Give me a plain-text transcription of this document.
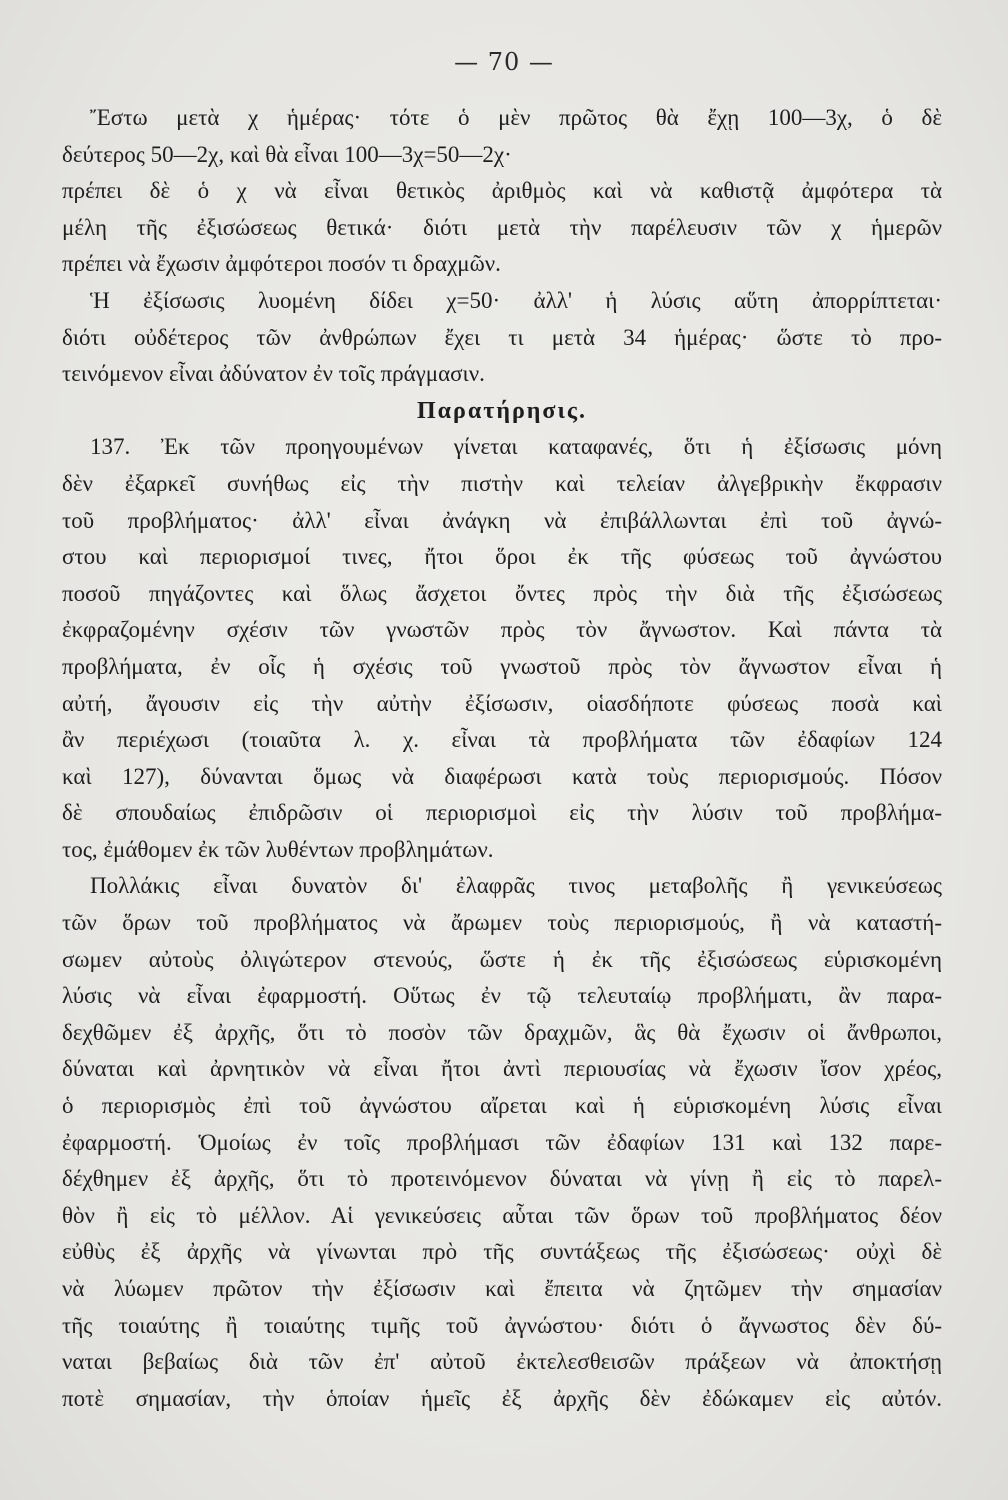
— 70 —
Ἔστω μετὰ χ ἡμέρας· τότε ὁ μὲν πρῶτος θὰ ἔχῃ 100—3χ, ὁ δὲ
δεύτερος 50—2χ, καὶ θὰ εἶναι 100—3χ=50—2χ·
πρέπει δὲ ὁ χ νὰ εἶναι θετικὸς ἀριθμὸς καὶ νὰ καθιστᾷ ἀμφότερα τὰ
μέλη τῆς ἐξισώσεως θετικά· διότι μετὰ τὴν παρέλευσιν τῶν χ ἡμερῶν
πρέπει νὰ ἔχωσιν ἀμφότεροι ποσόν τι δραχμῶν.
Ἡ ἐξίσωσις λυομένη δίδει χ=50· ἀλλ' ἡ λύσις αὕτη ἀπορρίπτεται·
διότι οὐδέτερος τῶν ἀνθρώπων ἔχει τι μετὰ 34 ἡμέρας· ὥστε τὸ προ-
τεινόμενον εἶναι ἀδύνατον ἐν τοῖς πράγμασιν.
Παρατήρησις.
137. Ἐκ τῶν προηγουμένων γίνεται καταφανές, ὅτι ἡ ἐξίσωσις μόνη
δὲν ἐξαρκεῖ συνήθως εἰς τὴν πιστὴν καὶ τελείαν ἀλγεβρικὴν ἔκφρασιν
τοῦ προβλήματος· ἀλλ' εἶναι ἀνάγκη νὰ ἐπιβάλλωνται ἐπὶ τοῦ ἀγνώ-
στου καὶ περιορισμοί τινες, ἤτοι ὅροι ἐκ τῆς φύσεως τοῦ ἀγνώστου
ποσοῦ πηγάζοντες καὶ ὅλως ἄσχετοι ὄντες πρὸς τὴν διὰ τῆς ἐξισώσεως
ἐκφραζομένην σχέσιν τῶν γνωστῶν πρὸς τὸν ἄγνωστον. Καὶ πάντα τὰ
προβλήματα, ἐν οἷς ἡ σχέσις τοῦ γνωστοῦ πρὸς τὸν ἄγνωστον εἶναι ἡ
αὐτή, ἄγουσιν εἰς τὴν αὐτὴν ἐξίσωσιν, οἱασδήποτε φύσεως ποσὰ καὶ
ἂν περιέχωσι (τοιαῦτα λ. χ. εἶναι τὰ προβλήματα τῶν ἐδαφίων 124
καὶ 127), δύνανται ὅμως νὰ διαφέρωσι κατὰ τοὺς περιορισμούς. Πόσον
δὲ σπουδαίως ἐπιδρῶσιν οἱ περιορισμοὶ εἰς τὴν λύσιν τοῦ προβλήμα-
τος, ἐμάθομεν ἐκ τῶν λυθέντων προβλημάτων.
Πολλάκις εἶναι δυνατὸν δι' ἐλαφρᾶς τινος μεταβολῆς ἢ γενικεύσεως
τῶν ὅρων τοῦ προβλήματος νὰ ἄρωμεν τοὺς περιορισμούς, ἢ νὰ καταστή-
σωμεν αὐτοὺς ὀλιγώτερον στενούς, ὥστε ἡ ἐκ τῆς ἐξισώσεως εὑρισκομένη
λύσις νὰ εἶναι ἐφαρμοστή. Οὕτως ἐν τῷ τελευταίῳ προβλήματι, ἂν παρα-
δεχθῶμεν ἐξ ἀρχῆς, ὅτι τὸ ποσὸν τῶν δραχμῶν, ἃς θὰ ἔχωσιν οἱ ἄνθρωποι,
δύναται καὶ ἀρνητικὸν νὰ εἶναι ἤτοι ἀντὶ περιουσίας νὰ ἔχωσιν ἴσον χρέος,
ὁ περιορισμὸς ἐπὶ τοῦ ἀγνώστου αἴρεται καὶ ἡ εὑρισκομένη λύσις εἶναι
ἐφαρμοστή. Ὁμοίως ἐν τοῖς προβλήμασι τῶν ἐδαφίων 131 καὶ 132 παρε-
δέχθημεν ἐξ ἀρχῆς, ὅτι τὸ προτεινόμενον δύναται νὰ γίνῃ ἢ εἰς τὸ παρελ-
θὸν ἢ εἰς τὸ μέλλον. Αἱ γενικεύσεις αὗται τῶν ὅρων τοῦ προβλήματος δέον
εὐθὺς ἐξ ἀρχῆς νὰ γίνωνται πρὸ τῆς συντάξεως τῆς ἐξισώσεως· οὐχὶ δὲ
νὰ λύωμεν πρῶτον τὴν ἐξίσωσιν καὶ ἔπειτα νὰ ζητῶμεν τὴν σημασίαν
τῆς τοιαύτης ἢ τοιαύτης τιμῆς τοῦ ἀγνώστου· διότι ὁ ἄγνωστος δὲν δύ-
ναται βεβαίως διὰ τῶν ἐπ' αὐτοῦ ἐκτελεσθεισῶν πράξεων νὰ ἀποκτήσῃ
ποτὲ σημασίαν, τὴν ὁποίαν ἡμεῖς ἐξ ἀρχῆς δὲν ἐδώκαμεν εἰς αὐτόν.
